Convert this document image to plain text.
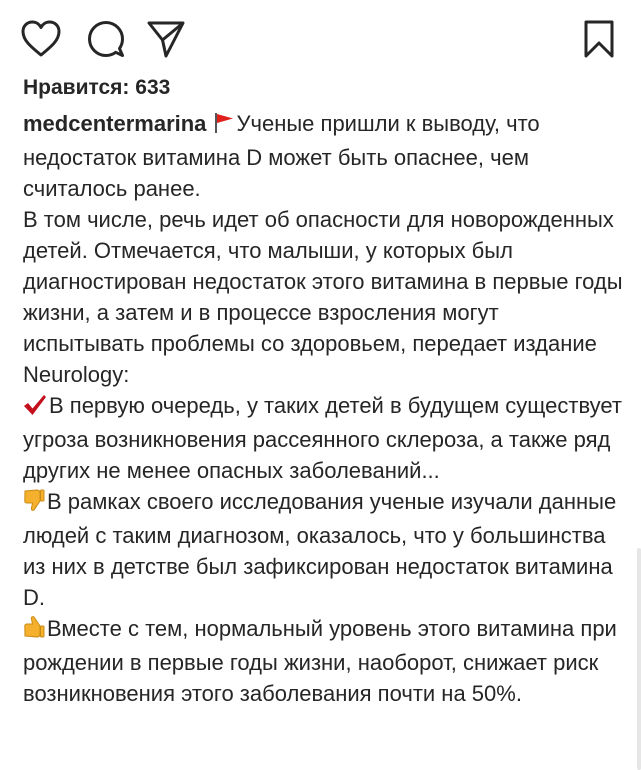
Нравится: 633

medcentermarina Ученые пришли к выводу, что недостаток витамина D может быть опаснее, чем считалось ранее.

В том числе, речь идет об опасности для новорожденных детей. Отмечается, что малыши, у которых был диагностирован недостаток этого витамина в первые годы жизни, а затем и в процессе взросления могут испытывать проблемы со здоровьем, передает издание Neurology:

В первую очередь, у таких детей в будущем существует угроза возникновения рассеянного склероза, а также ряд других не менее опасных заболеваний...

В рамках своего исследования ученые изучали данные людей с таким диагнозом, оказалось, что у большинства из них в детстве был зафиксирован недостаток витамина D.

Вместе с тем, нормальный уровень этого витамина при рождении в первые годы жизни, наоборот, снижает риск возникновения этого заболевания почти на 50%.
